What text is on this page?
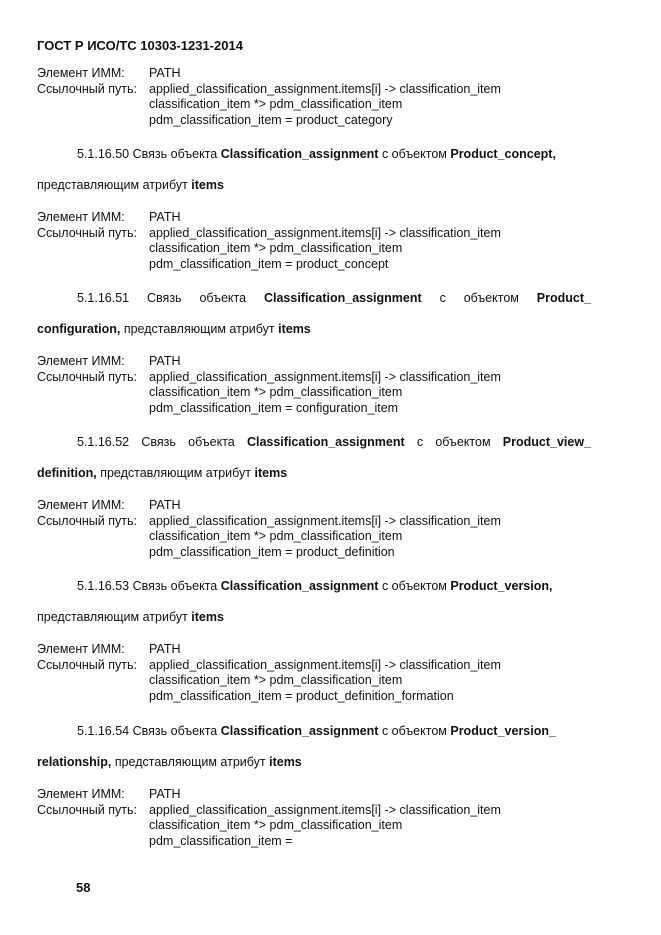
ГОСТ Р ИСО/ТС 10303-1231-2014
Элемент ИММ: PATH
Ссылочный путь: applied_classification_assignment.items[i] -> classification_item
classification_item *> pdm_classification_item
pdm_classification_item = product_category
5.1.16.50 Связь объекта Classification_assignment с объектом Product_concept,
представляющим атрибут items
Элемент ИММ: PATH
Ссылочный путь: applied_classification_assignment.items[i] -> classification_item
classification_item *> pdm_classification_item
pdm_classification_item = product_concept
5.1.16.51 Связь объекта Classification_assignment с объектом Product_
configuration, представляющим атрибут items
Элемент ИММ: PATH
Ссылочный путь: applied_classification_assignment.items[i] -> classification_item
classification_item *> pdm_classification_item
pdm_classification_item = configuration_item
5.1.16.52 Связь объекта Classification_assignment с объектом Product_view_
definition, представляющим атрибут items
Элемент ИММ: PATH
Ссылочный путь: applied_classification_assignment.items[i] -> classification_item
classification_item *> pdm_classification_item
pdm_classification_item = product_definition
5.1.16.53 Связь объекта Classification_assignment с объектом Product_version,
представляющим атрибут items
Элемент ИММ: PATH
Ссылочный путь: applied_classification_assignment.items[i] -> classification_item
classification_item *> pdm_classification_item
pdm_classification_item = product_definition_formation
5.1.16.54 Связь объекта Classification_assignment с объектом Product_version_
relationship, представляющим атрибут items
Элемент ИММ: PATH
Ссылочный путь: applied_classification_assignment.items[i] -> classification_item
classification_item *> pdm_classification_item
pdm_classification_item =
58
